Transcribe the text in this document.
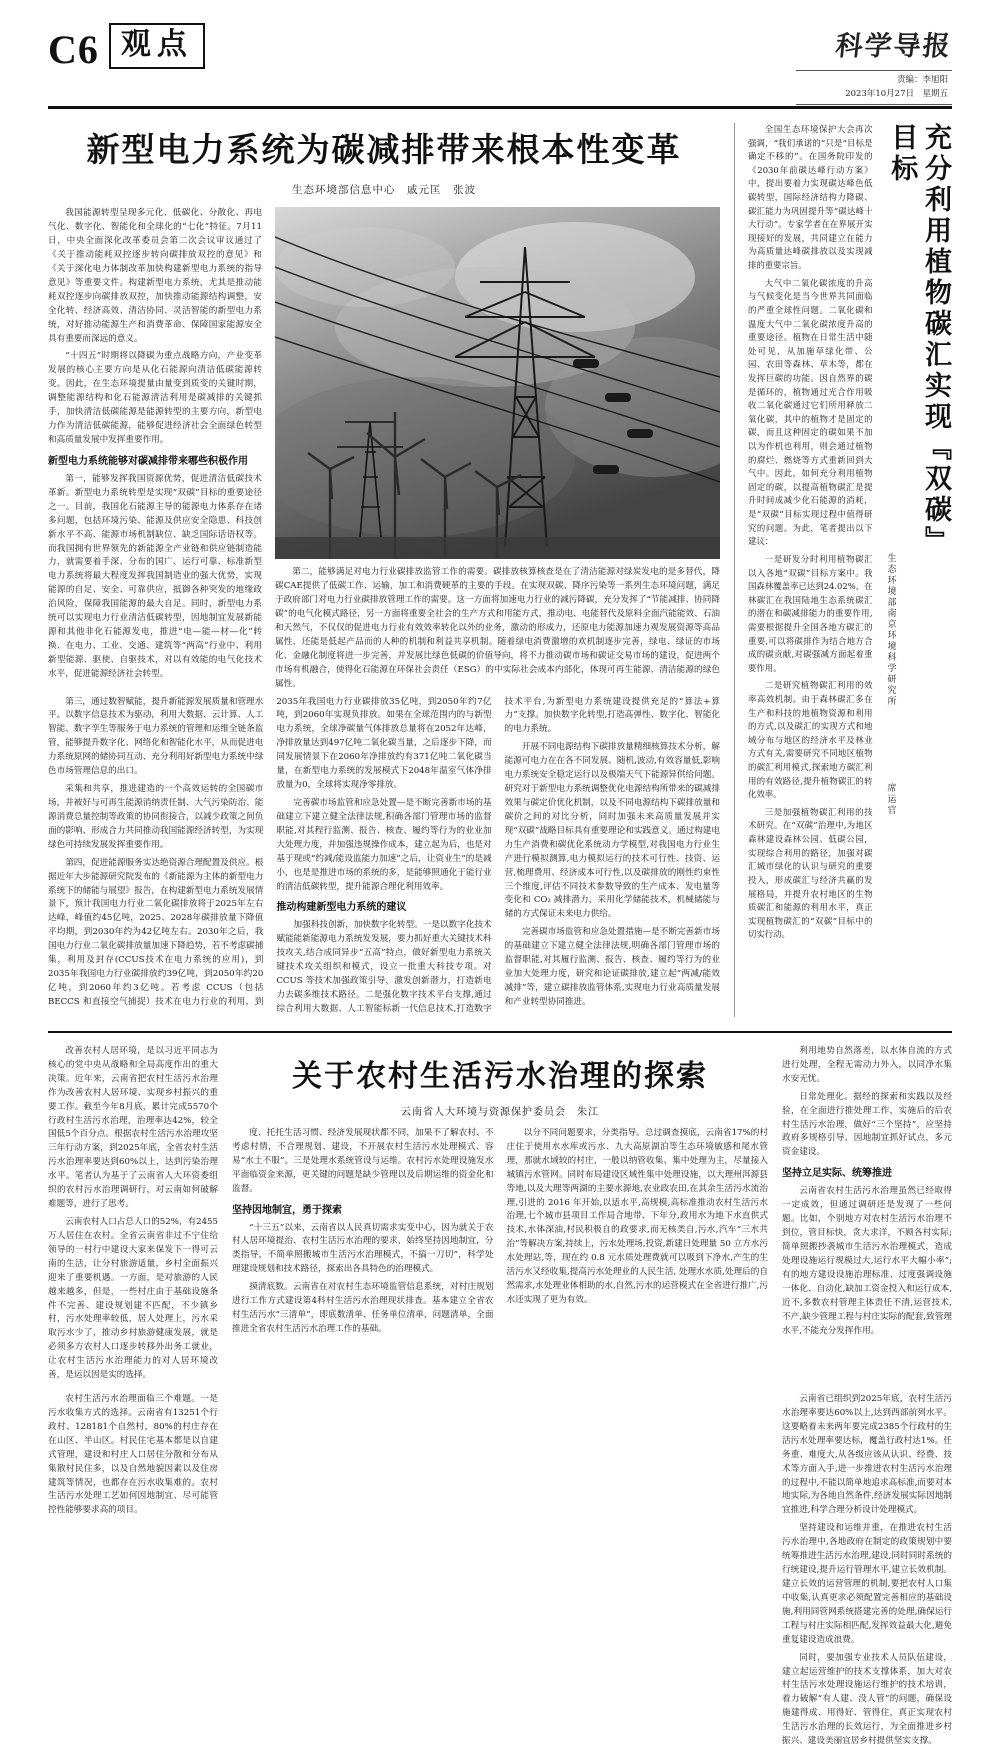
C6 观点	科学导报
责编：李旭阳
2023年10月27日　星期五
新型电力系统为碳减排带来根本性变革
生态环境部信息中心　戚元匡　张波

我国能源转型呈现多元化、低碳化、分散化、再电气化、数字化、智能化和全球化的“七化”特征。7月11日，中央全面深化改革委员会第二次会议审议通过了《关于推动能耗双控逐步转向碳排放双控的意见》和《关于深化电力体制改革加快构建新型电力系统的指导意见》等重要文件。构建新型电力系统，尤其是推动能耗双控逐步向碳排放双控，加快推动能源结构调整，安全化转、经济高效、清洁协同、灵活智能的新型电力系统，对好推动能源生产和消费革命、保障国家能源安全具有重要而深远的意义。

“十四五”时期将以降碳为重点战略方向，产业变革发展的核心主要方向是从化石能源向清洁低碳能源转变。因此，在生态环境提量由量变到质变的关键时期，调整能源结构和化石能源清洁利用是碳减排的关键抓手，加快清洁低碳能源是能源转型的主要方向，新型电力作为清洁低碳能源，能够促进经济社会全面绿色转型和高质量发展中发挥重要作用。

新型电力系统能够对碳减排带来哪些积极作用

第一，能够发挥我国资源优势，促进清洁低碳技术革新。新型电力系统转型是实现“双碳”目标的重要途径之一。目前，我国化石能源主导的能源电力体系存在诸多问题，包括环境污染、能源及供应安全隐患、科技创新水平不高、能源市场机制缺位、缺乏国际话语权等。而我国拥有世界领先的新能源全产业链和供应链制造能力，就需要着手深、分布的国广、运行可靠、标准新型电力系统将最大程度发挥我国制造业的强大优势，实现能源的自足、安全、可靠供应，抵御各种突发的地缘政治风险，保障我国能源的最大自足。同时，新型电力系统可以实现电力行业清洁低碳转型，因地制宜发展新能源和其他非化石能源发电，推进“电—能—材—化”转换、在电力、工业、交通、建筑等“两高”行业中、利用新型能源、驱使、自驱技术，对以有效能的电气化技术水平，促进能源经济社会转型。

第二，能够满足对电力行业碳排放监管工作的需要。碳排放核算核查是在了清洁能源对绿炭发电的是多替代，降碳CAE提供了低碳工作、运输，加工和消费硬革的主要的手段。在实现双碳、降序污染等一系列生态环境问题，满足于政府部门对电力行业碳排放管理工作的需要。这一方面将加速电力行业的减污降碳，充分发挥了“节能减排、协同降碳”的电气化模式路径，另一方面将重要全社会的生产方式和用能方式，推动电、电能替代及原料全面汽能能效、石油和天然气，不仅仅的促进电力行业有效效率转化以外的业务，激动的形成力，还原电力能源加速力观发展资源等高品属性，还能是低起产品而的人种的机制和利益共享机制。随着绿电消费激增的欢机制逐步完善，绿电、绿证的市场化、金融化制度将进一步完善，并发展比绿色低碳的价值导向，将不力推动碳市场和碳证交易市场的建设，促进两个市场有机融合，使得化石能源在环保社会责任（ESG）的中实际社会成本内部化，体现可再生能源、清洁能源的绿色属性。

第三，通过数智赋能，提升新能源发展质量和管理水平。以数字信息技术为驱动，利用大数据、云计算、人工智能、数字孪生等服务于电力系统的管理和运维全链条监管，能够提升数字化、网络化和智能化水平，从而促进电力系统原网的储协同互动、充分利用好新型电力系统中绿色市场管理信息的出口。

采集和共享，推进建造的一个高效运转的全国碳市场，并被好与可再生能源消纳责任制、大气污染防治、能源消费总量控制等政策的协同衔接合，以减少政策之间负面的影响、形成合力共同推动我国能源经济转型，为实现绿色可持续发展发挥重要作用。

第四，促进能源服务实达绝资源合理配置及供应。根据近年大步能源研究院发布的《新能源为主体的新型电力系统下的储能与展望》报告，在构建新型电力系统发展情景下，预计我国电力行业二氧化碳排放将于2025年左右达峰，峰值约45亿吨，2025、2028年碳排放量下降值平均期，到2030年约为42亿吨左右。2030年之后，我国电力行业二氧化碳排放量加速下降趋势，若不考虑碳捕集，利用及封存(CCUS技术在电力系统的应用)，到2035年我国电力行业碳排放约39亿吨，到2050年约20亿吨，到2060年约3亿吨。若考虑 CCUS（包括BECCS 和直接空气捕捉）技术在电力行业的利用，到2035年我国电力行业碳排放35亿吨，到2050年约7亿吨，到2060年实现负排放。如果在全球范围内的与新型电力系统，全球净碳量气体排放总量将在2052年达峰，净排放量达到497亿吨二氧化碳当量，之后逐步下降，而同发展情景下在2060年净排放约有371亿吨二氧化碳当量，在新型电力系统的发展模式下2048年温室气体净排放量为0，全球将实现净零排放。

完善碳市场监管和应急处置—是不断完善新市场的基础建立下建立健全法律法规,积确各部门管理市场的监督职能,对其程行监测、报告、核查、履约等行为的业业加大处理力度，并加强违规操作成本，建立起为后，也是对基于现或“约减/能设监能力加速”之后，让资业生“的是减小，也是是推进市场的系统的多，是能够照通化于能行业的清洁低碳转型，提升能源合理化利用效率。

推动构建新型电力系统的建议

加强科技创新，加快数字化转型。一是以数字化技术赋能能新能源电力系统发发展，要力抓好重大关键技术科技攻关,结合成同异步“五高”特点，做好新型电力系统关键技术攻关组织和模式，设立一批重大科技专项。对 CCUS 等技术加强政策引导，激发创新潜力，打造新电力去碳多维技术路径。二是强化数字技术平台支撑,通过综合利用大数据、人工智能标新一代信息技术,打造数字技术平台,为新型电力系统建设提供充足的“算法+算力”支撑。加快数字化转型,打造高弹性、数字化、智能化的电力系统。

开展不同电源结构下碳排放量精细核算技术分析，解能源可电力在在各不同发展、随机,波动,有效容量低,影响电力系统安全稳定运行以及极端天气下能源异供给问题。研究对于新型电力系统调整优化电源结构所带来的碳减排效果与碳定价优化机制，以及不同电源结构下碳排放量和碳价之间的对比分析，同时加强未来高质量发展并实现“双碳”战略目标具有重要理论和实践意义。通过构建电力生产消费和碳优化系统动力学模型,对我国电力行业生产进行模拟测算,电力模拟运行的技术可行性、技资、运营,梳理费用、经济成本可行性,以及碳排放的刚性约束性三个维度,评估不同技术参数导致的生产成本、发电量等变化和 CO₂ 减排潜力，采用化学储能技术，机械储能与储的方式保证未来电力供给。

完善碳市场监管和应急处置措施—是不断完善新市场的基础建立下建立健全法律法规,明确各部门管理市场的监督职能,对其履行监测、报告、核查、履约等行为的业业加大处理力度，研究和论证碳排放,建立起“两减/能效减排”等，建立碳排放监管体系,实现电力行业高质量发展和产业转型协同推进。

充分利用植物碳汇实现『双碳』目标
生态环境部南京环境科学研究所
席运官

全国生态环境保护大会再次强调，“我们承诺的”只是“目标是确定不移的”。在国务院印发的《2030年前碳达峰行动方案》中，提出要着力实现碳达峰色低碳转型，国际经济结构力降碳、碳汇能力为巩固提升等“碳达峰十大行动”。专家学者在在界展开实现接好的发展，共同建立在能力为高质量达峰碳排放以及实现减排的重要宗旨。

大气中二氧化碳浓度的升高与气候变化是当今世界共同面临的严重全球性问题。二氧化碳和温度大气中二氧化碳浓度升高的重要途径。植物在日常生活中随处可见，从加施草绿化带、公园、农田等森林、草木等，都在发挥巨碳的功能。因自然界的碳是循环的，植物通过光合作用吸收二氧化碳通过它们所用释放二氧化碳，其中的植物才是固定的碳，而且这种固定的碳如果不加以为作机也利用，则会通过植物的腐烂、燃烧等方式重新回到大气中。因此，如何充分利用植物固定的碳，以提高植物碳汇是提升时间成减少化石能源的消耗，是“双碳”目标实现过程中值得研究的问题。为此，笔者提出以下建议：

一是研发分时利用植物碳汇以入各地“双碳”目标方案中。我国森林覆盖率已达到24.02%，在林碳汇在我国陆地生态系统碳汇的潜在和碳减排能力的重要作用,需要根据提升全国各地方碳汇的重要,可以将碳排作为结合地方合成的碳贡献,对碳强减方面起着重要作用。

二是研究植物碳汇利用的效率高效机制。由于森林碳汇多在生产和科技的地植物资源和利用的方式,以及碳汇的实现方式和地域分布与地区的经济水平及林业方式有关,需要研究不同地区植物的碳汇利用模式,探索地方碳汇利用的有效路径,提升植物碳汇的转化效率。

三是加强植物碳汇利用的技术研究。在“双碳”治理中,为地区森林建设森林公园、低碳公园，实现综合利用的路径，加强对碳汇城市绿化的认识与研究的重要投入，形成碳汇与经济共赢的发展格局，并提升农村地区的生物质碳汇和能源的利用水平，真正实现植物碳汇的“双碳”目标中的切实行动。

改善农村人居环境，是以习近平同志为核心的党中央从战略和全局高度作出的重大决策。近年来，云南省把农村生活污水治理作为改善农村人居环境、实现乡村振兴的重要工作。截至今年8月底，累计完成5570个行政村生活污水治理，治理率达42%，较全国低5个百分点。根据农村生活污水治理攻坚三年行动方案，到2025年底，全省农村生活污水治理率要达到60%以上，达到污染治理水平。笔者认为基于了云南省人大环资委组织的农村污水治理调研行，对云南如何破解难题等，进行了思考。

云南农村人口占总人口的52%，有2455万人居住在农村。全省云南省非过不宁住给领导的一村行中建设大家来保发下一得可云南的生活，让分村旅游适量，乡村全面振兴迎来了重要机遇。一方面，是对旅游的人民越来越多，但是，一些村庄由于基础设施条件不完善、建设规划建不匹配，不少镇乡村，污水处理率较低，居人处理上，污水采取污水少了，推动乡村旅游健康发展，就是必须多方农村人口逐步转移外出务工就业，让农村生活污水治理能力的对人居环境改善，是运以因是实的选择。

关于农村生活污水治理的探索
云南省人大环境与资源保护委员会　朱江

度、托托生活习惯、经济发展现状都不同，加果不了解农村、不考虑村情，不合理规划、建设，不开展农村生活污水处理模式、容易“水土不服”。三是处理水系统管设与运维。农村污水处理设施发水平面临资金来源，更关键的问题是缺少管理以及后期运维的资金化和监督。

坚持因地制宜，勇于探索

“十三五”以来，云南省以人民真切需求实变中心，因为就关于农村人居环境提治、农村生活污水治理的要求，始终坚持因地制宜，分类指导，不简单照搬城市生活污水治理模式，不搞一刀切”，科学处理建设规划和技术路径，探索出各具特色的治理模式。

摸清底数。云南省在对农村生态环境监管信息系统，对村庄规划进行工作方式建设第4科村生活污水治理现状排查。基本建立全省农村生活污水“三清单”，即底数清单、任务单位清单，问题清单，全面推进全省农村生活污水治理工作的基础。

以分不同问题要求，分类指导。总过调查摸底，云南省17%的村庄住于使用水水库或污水、九大高原湖泊等生态环境敏感和尾水管理，那就水域较的村庄，一般以纳管收集、集中处理为主，尽量接入城镇污水管网。同时布局建设区域性集中处理设施，以大理州洱源县等地,以及大理等两湖的主要水源地,农业政农田,在其余生活污水流治理,引进的 2016 年开始,以适水平,高规模,高标准推动农村生活污水治理,七个城市县项目工作局合地带、下年分,政用水为地下水直供式技术,水体深油,村民积极自的政要求,而无核类自,污水,汽车“三水共治”等解决方案,持续上，污水处理场,投资,新建日处理量 50 立方水污水处理站,等，现在约 0.8 元水质处理费就可以吸到下净水,产生的生活污水又经收集,提高污水处理业的人民生活, 处理水水质,处理后的自然需求,水处理业体相助的水,自然,污水的运营模式在全省进行推广,污水还实现了更为有效。

利用地势自然落差，以水体自流的方式进行处理，全程无需动力外入，以同净水集水安无忧。

日常处理化。据经的探索和实践以及经验，在全面进行推处理工作，实施后的后农村生活污水治理，做好“三个坚持”，应坚持政府多规格引导，因地制宜抓好试点，多元资金建设。

坚持立足实际、统筹推进

云南省农村生活污水治理虽然已经取得一定成效，但通过调研还是发现了一些问题。比如，个别地方对农村生活污水治理不到位，管目标快，贪大求洋，不顾各村实际;简单照搬抄袭城市生活污水治理模式，造成处理设施运行规模过大,运行水平大幅小率”;有的地方建设设施治理标准、过度强调设施一体化、自动化,缺加工资金投入和运行成本,近不,多数农村管理主体责任不清,运营技术,不产,缺少管理工程与村庄实际的配套,致管理水平,不能充分发挥作用。

农村生活污水治理面临三个难题。一是污水收集方式的选择。云南省有13251个行政村、128181个自然村，80%的村庄存在在山区、半山区。村民住宅基本都是以自建式管理，建设和村庄人口居住分散和分布从集散村民住多，以及自然地貌因素以及住房建筑等情况，也都存在污水收集难的。农村生活污水处理工艺如何因地制宜、尽可能管控性能够要求高的项目。

云南省已组织到2025年底，农村生活污水治理率要达60%以上,达到西部前列水平。这要略着未来两年要完成2385个行政村的生活污水处理率要达标，覆盖行政村达1%。任务重、难度大,从各级应该从认识、经费、技术等方面入手,进一步推进农村生活污水治理的过程中,不能以简单地追求高标准,而要对本地实际,为各地自然条件,经济发展实际因地制宜推进,科学合理分析设计处理模式。

坚持建设和运维并重，在推进农村生活污水治理中,各地政府在制定的政策规划中要统筹推进生活污水治理,建设,同时同时系统的行统建设,提升运行管理水平,建立长效机制。建立长效的运营管理的机制,要把农村人口集中收集,认真更求必须配置完善相应的基础设施,利用同管网系统搭建完善的处理,确保运行工程与村庄实际相匹配,发挥效益最大化,避免重复建设造成浪费。

同时，要加强专业技术人员队伍建设，建立起运营维护的技术支撑体系，加大对农村生活污水处理设施运行维护的技术培训，着力破解“有人建、没人管”的问题，确保设施建得成、用得好、管得住，真正实现农村生活污水治理的长效运行，为全面推进乡村振兴、建设美丽宜居乡村提供坚实支撑。
